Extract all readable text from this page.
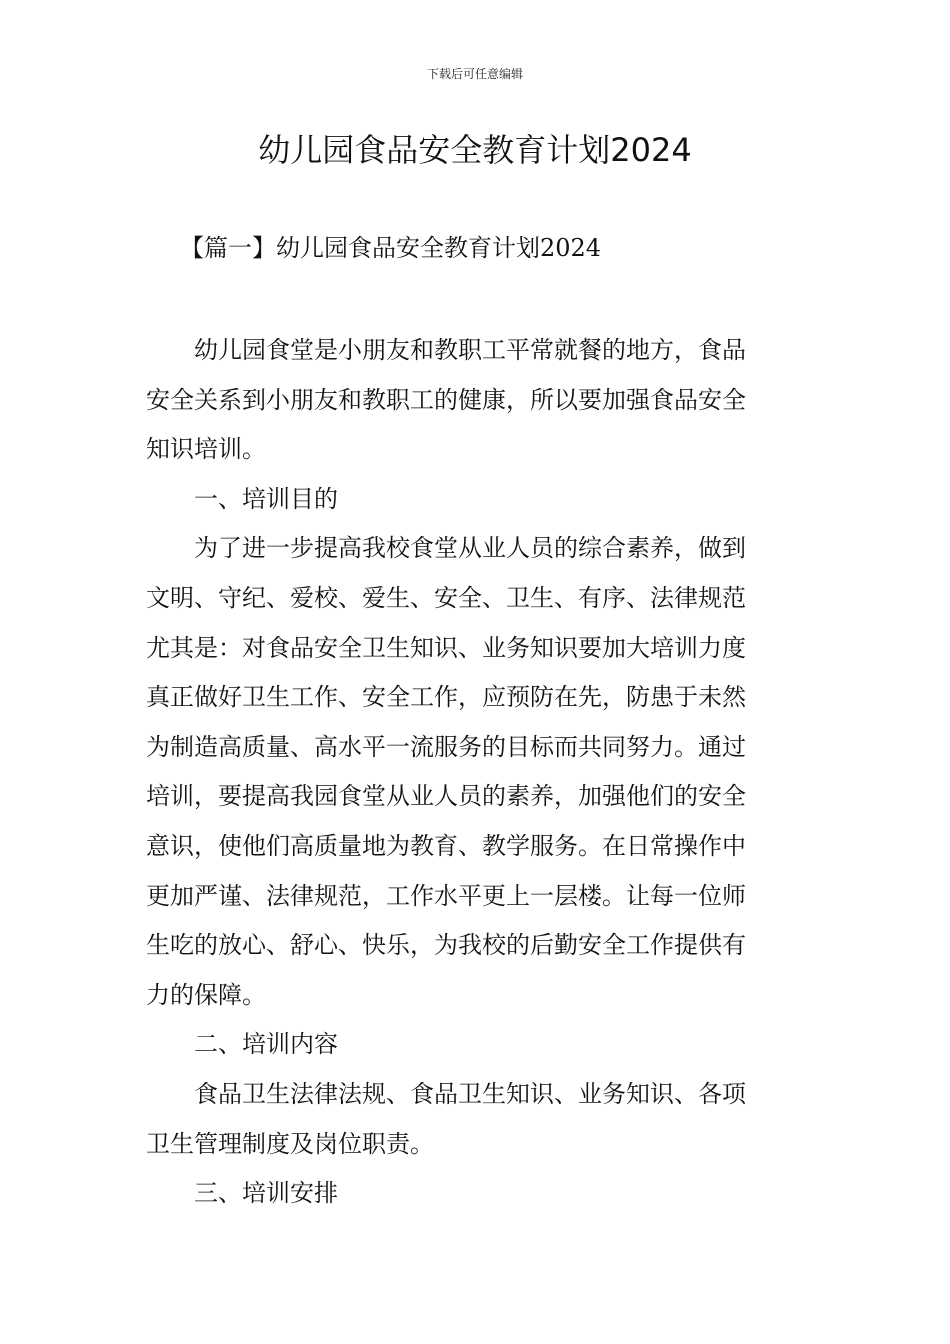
下载后可任意编辑
幼儿园食品安全教育计划2024
【篇一】幼儿园食品安全教育计划2024

幼儿园食堂是小朋友和教职工平常就餐的地方，食品
安全关系到小朋友和教职工的健康，所以要加强食品安全
知识培训。

一、培训目的

为了进一步提高我校食堂从业人员的综合素养，做到
文明、守纪、爱校、爱生、安全、卫生、有序、法律规范
尤其是：对食品安全卫生知识、业务知识要加大培训力度
真正做好卫生工作、安全工作，应预防在先，防患于未然
为制造高质量、高水平一流服务的目标而共同努力。通过
培训，要提高我园食堂从业人员的素养，加强他们的安全
意识，使他们高质量地为教育、教学服务。在日常操作中
更加严谨、法律规范，工作水平更上一层楼。让每一位师
生吃的放心、舒心、快乐，为我校的后勤安全工作提供有
力的保障。

二、培训内容

食品卫生法律法规、食品卫生知识、业务知识、各项
卫生管理制度及岗位职责。

三、培训安排
